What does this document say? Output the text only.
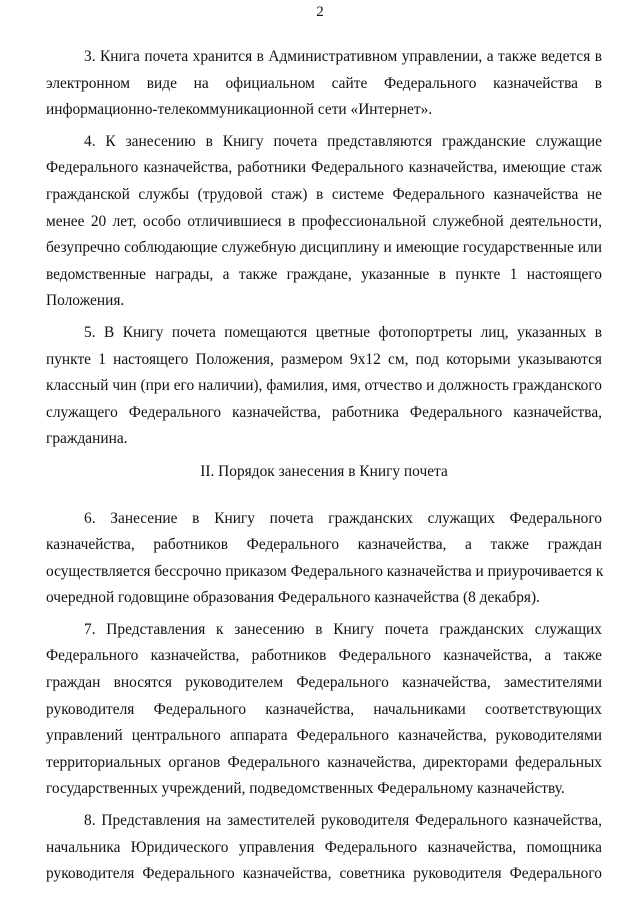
2
3. Книга почета хранится в Административном управлении, а также ведется в
электронном виде на официальном сайте Федерального казначейства в
информационно-телекоммуникационной сети «Интернет».
4. К занесению в Книгу почета представляются гражданские служащие
Федерального казначейства, работники Федерального казначейства, имеющие стаж
гражданской службы (трудовой стаж) в системе Федерального казначейства не
менее 20 лет, особо отличившиеся в профессиональной служебной деятельности,
безупречно соблюдающие служебную дисциплину и имеющие государственные или
ведомственные награды, а также граждане, указанные в пункте 1 настоящего
Положения.
5. В Книгу почета помещаются цветные фотопортреты лиц, указанных в
пункте 1 настоящего Положения, размером 9х12 см, под которыми указываются
классный чин (при его наличии), фамилия, имя, отчество и должность гражданского
служащего Федерального казначейства, работника Федерального казначейства,
гражданина.
II. Порядок занесения в Книгу почета
6. Занесение в Книгу почета гражданских служащих Федерального
казначейства, работников Федерального казначейства, а также граждан
осуществляется бессрочно приказом Федерального казначейства и приурочивается к
очередной годовщине образования Федерального казначейства (8 декабря).
7. Представления к занесению в Книгу почета гражданских служащих
Федерального казначейства, работников Федерального казначейства, а также
граждан вносятся руководителем Федерального казначейства, заместителями
руководителя Федерального казначейства, начальниками соответствующих
управлений центрального аппарата Федерального казначейства, руководителями
территориальных органов Федерального казначейства, директорами федеральных
государственных учреждений, подведомственных Федеральному казначейству.
8. Представления на заместителей руководителя Федерального казначейства,
начальника Юридического управления Федерального казначейства, помощника
руководителя Федерального казначейства, советника руководителя Федерального
